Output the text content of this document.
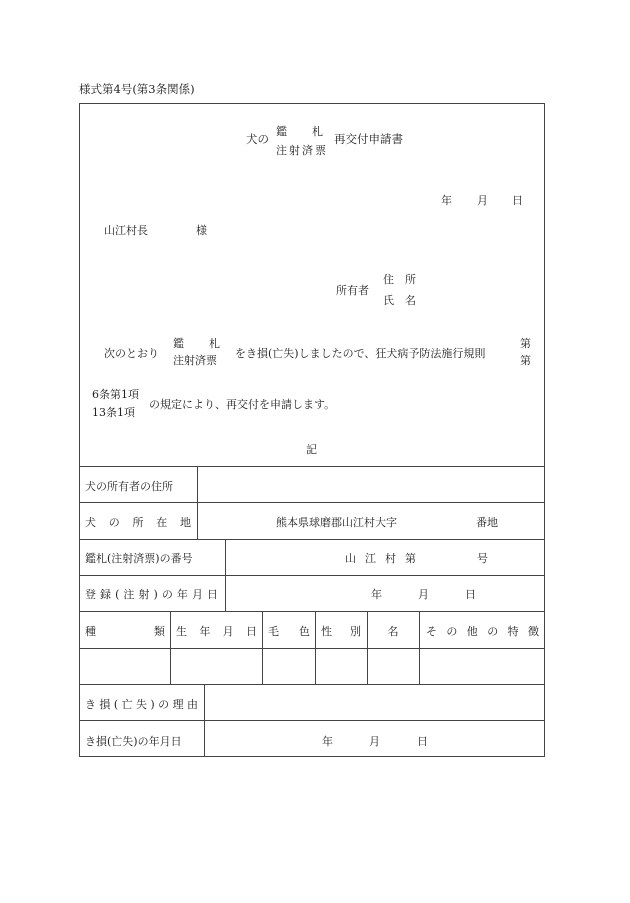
様式第4号(第3条関係)
犬の
鑑　　札
注射済票
再交付申請書
年 月 日
山江村長	様
所有者
住　所
氏　名
次のとおり
鑑　　札
注射済票
をき損(亡失)しましたので、狂犬病予防法施行規則
第
第
6条第1項
13条1項
の規定により、再交付を申請します。
記
犬の所有者の住所
犬の所在地	熊本県球磨郡山江村大字	番地
鑑札(注射済票)の番号	山江村第	号
登録(注射)の年月日	年	月	日
種類 生年月日 毛色 性別	名	その他の特徴
き損(亡失)の理由
き損(亡失)の年月日	年	月	日
